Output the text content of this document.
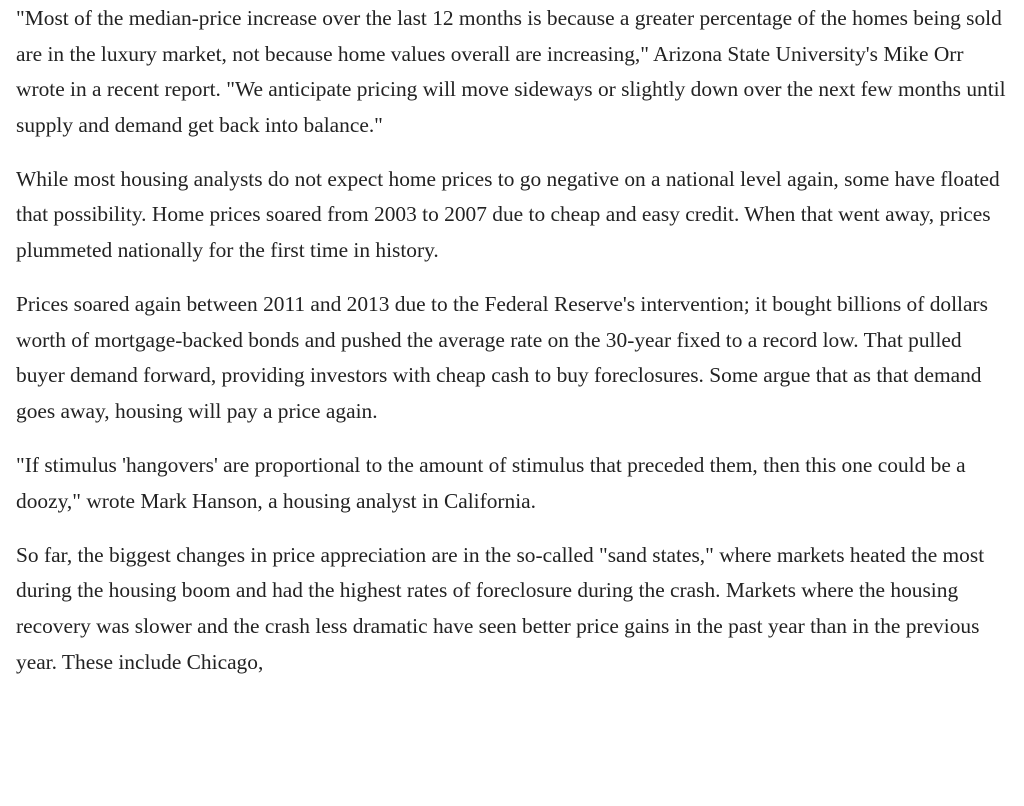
"Most of the median-price increase over the last 12 months is because a greater percentage of the homes being sold are in the luxury market, not because home values overall are increasing," Arizona State University's Mike Orr wrote in a recent report. "We anticipate pricing will move sideways or slightly down over the next few months until supply and demand get back into balance."

While most housing analysts do not expect home prices to go negative on a national level again, some have floated that possibility. Home prices soared from 2003 to 2007 due to cheap and easy credit. When that went away, prices plummeted nationally for the first time in history.

Prices soared again between 2011 and 2013 due to the Federal Reserve's intervention; it bought billions of dollars worth of mortgage-backed bonds and pushed the average rate on the 30-year fixed to a record low. That pulled buyer demand forward, providing investors with cheap cash to buy foreclosures. Some argue that as that demand goes away, housing will pay a price again.

"If stimulus 'hangovers' are proportional to the amount of stimulus that preceded them, then this one could be a doozy," wrote Mark Hanson, a housing analyst in California.

So far, the biggest changes in price appreciation are in the so-called "sand states," where markets heated the most during the housing boom and had the highest rates of foreclosure during the crash. Markets where the housing recovery was slower and the crash less dramatic have seen better price gains in the past year than in the previous year. These include Chicago,
